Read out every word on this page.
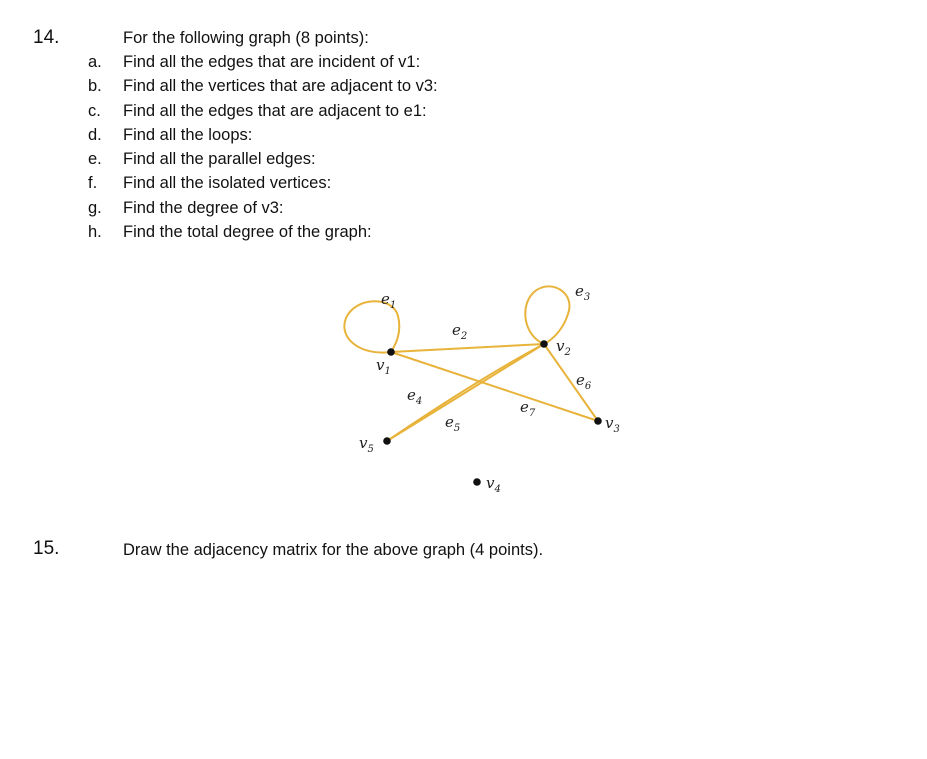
14.	For the following graph (8 points):
a. Find all the edges that are incident of v1:
b. Find all the vertices that are adjacent to v3:
c. Find all the edges that are adjacent to e1:
d. Find all the loops:
e. Find all the parallel edges:
f. Find all the isolated vertices:
g. Find the degree of v3:
h. Find the total degree of the graph:
$e_1$
$e_2$
$e_3$
$e_4$
$e_5$
$e_6$
$e_7$
$v_1$
$v_2$
$v_3$
$v_4$
$v_5$
15.	Draw the adjacency matrix for the above graph (4 points).
